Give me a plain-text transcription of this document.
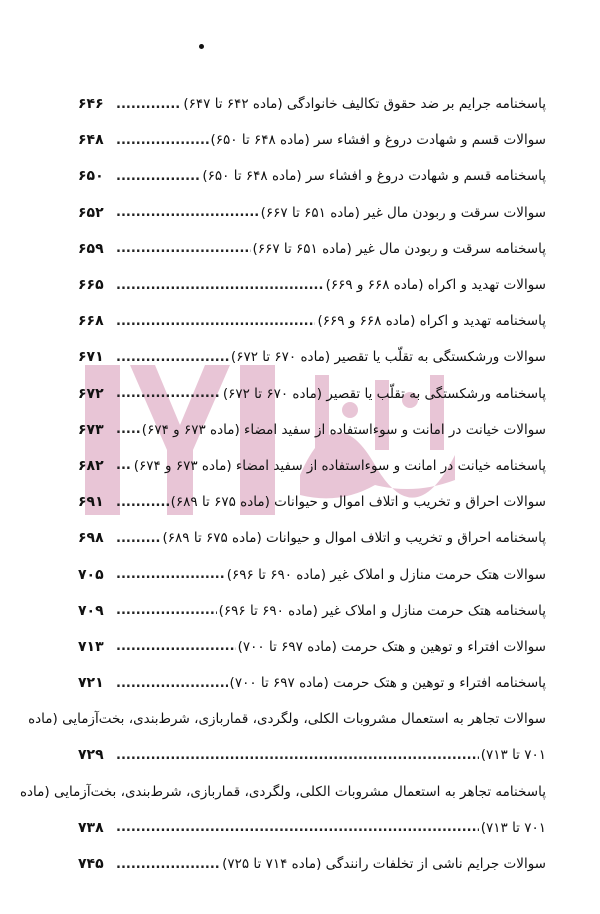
پاسخنامه جرایم بر ضد حقوق تکالیف خانوادگی (ماده ۶۴۲ تا ۶۴۷)
.....
۶۴۶
سوالات قسم و شهادت دروغ و افشاء سر (ماده ۶۴۸ تا ۶۵۰)
.....
۶۴۸
پاسخنامه قسم و شهادت دروغ و افشاء سر (ماده ۶۴۸ تا ۶۵۰)
.....
۶۵۰
سوالات سرقت و ربودن مال غیر (ماده ۶۵۱ تا ۶۶۷)
.....
۶۵۲
پاسخنامه سرقت و ربودن مال غیر (ماده ۶۵۱ تا ۶۶۷)
.....
۶۵۹
سوالات تهدید و اکراه (ماده ۶۶۸ و ۶۶۹)
.....
۶۶۵
پاسخنامه تهدید و اکراه (ماده ۶۶۸ و ۶۶۹)
.....
۶۶۸
سوالات ورشکستگی به تقلّب یا تقصیر (ماده ۶۷۰ تا ۶۷۲)
.....
۶۷۱
پاسخنامه ورشکستگی به تقلّب یا تقصیر (ماده ۶۷۰ تا ۶۷۲)
.....
۶۷۲
سوالات خیانت در امانت و سوءاستفاده از سفید امضاء (ماده ۶۷۳ و ۶۷۴)
.....
۶۷۳
پاسخنامه خیانت در امانت و سوءاستفاده از سفید امضاء (ماده ۶۷۳ و ۶۷۴)
.....
۶۸۲
سوالات احراق و تخریب و اتلاف اموال و حیوانات (ماده ۶۷۵ تا ۶۸۹)
.....
۶۹۱
پاسخنامه احراق و تخریب و اتلاف اموال و حیوانات (ماده ۶۷۵ تا ۶۸۹)
.....
۶۹۸
سوالات هتک حرمت منازل و املاک غیر (ماده ۶۹۰ تا ۶۹۶)
.....
۷۰۵
پاسخنامه هتک حرمت منازل و املاک غیر (ماده ۶۹۰ تا ۶۹۶)
.....
۷۰۹
سوالات افتراء و توهین و هتک حرمت (ماده ۶۹۷ تا ۷۰۰)
.....
۷۱۳
پاسخنامه افتراء و توهین و هتک حرمت (ماده ۶۹۷ تا ۷۰۰)
.....
۷۲۱
سوالات تجاهر به استعمال مشروبات الکلی، ولگردی، قماربازی، شرط‌بندی، بخت‌آزمایی (ماده
۷۰۱ تا ۷۱۳)
.....
۷۲۹
پاسخنامه تجاهر به استعمال مشروبات الکلی، ولگردی، قماربازی، شرط‌بندی، بخت‌آزمایی (ماده
۷۰۱ تا ۷۱۳)
.....
۷۳۸
سوالات جرایم ناشی از تخلفات رانندگی (ماده ۷۱۴ تا ۷۲۵)
.....
۷۴۵
